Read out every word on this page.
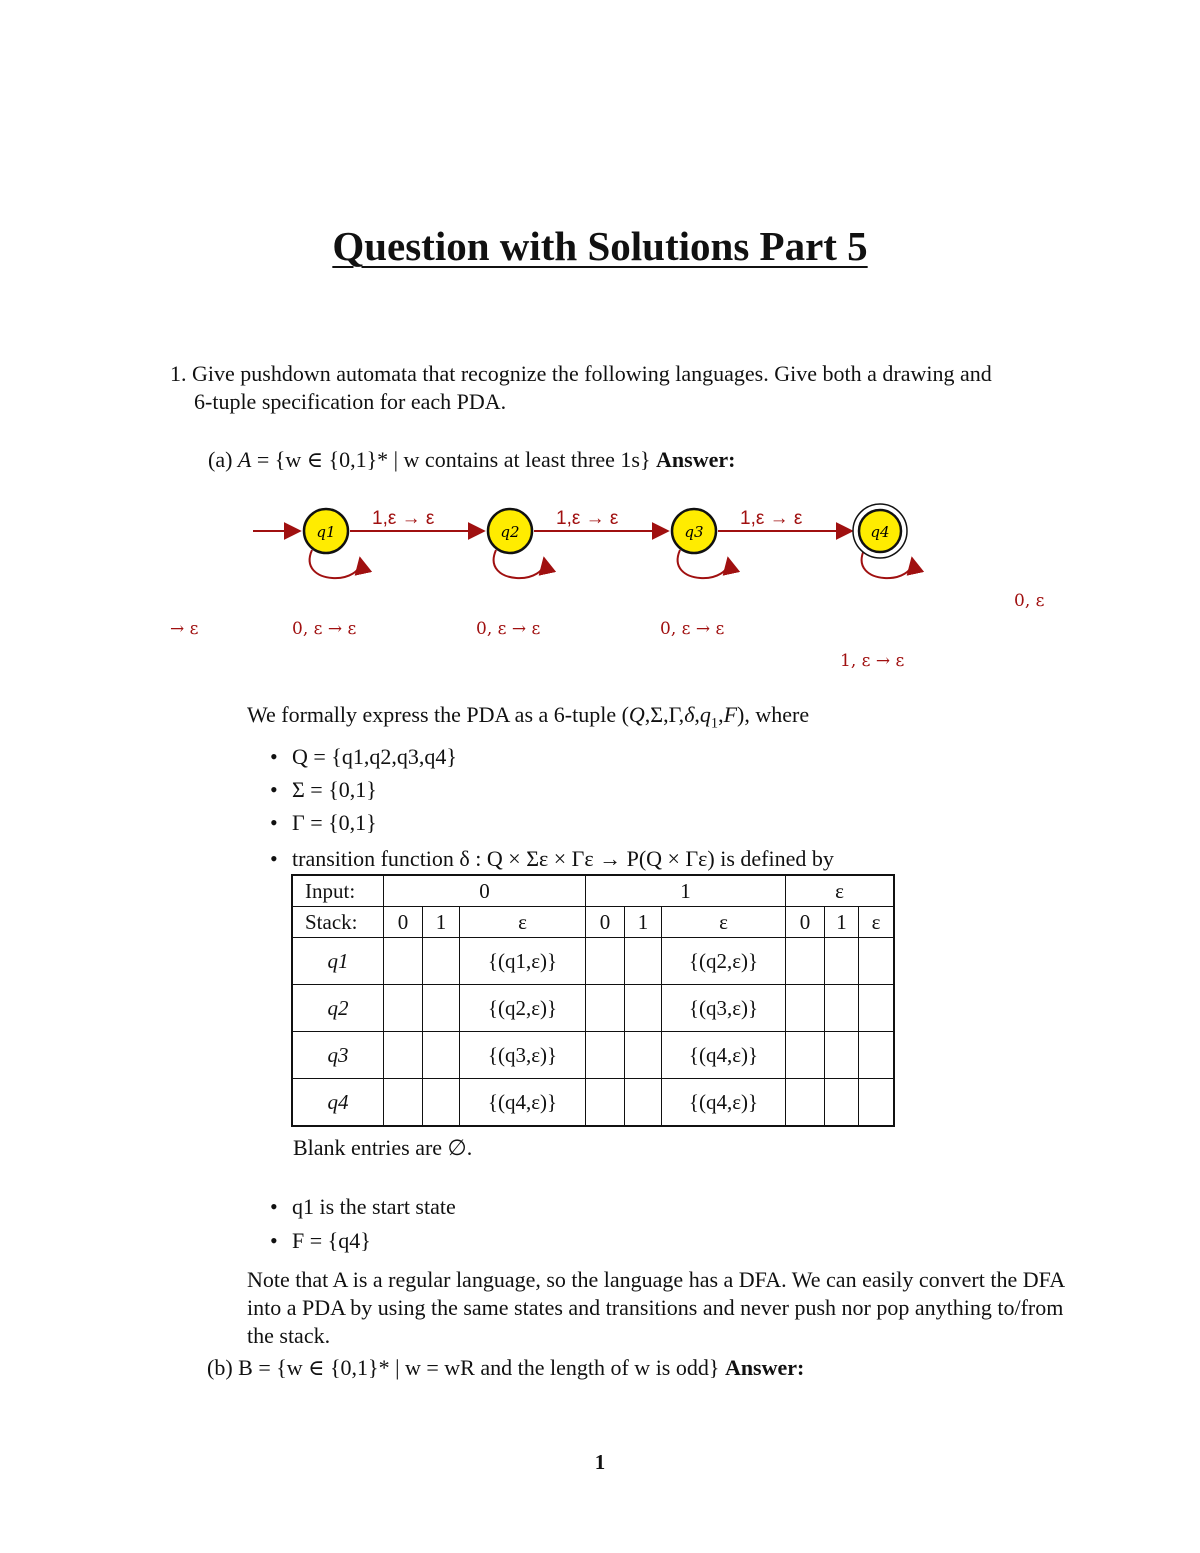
Question with Solutions Part 5
1. Give pushdown automata that recognize the following languages. Give both a drawing and
6-tuple specification for each PDA.
(a) A = {w ∈ {0,1}* | w contains at least three 1s} Answer:
q1	q2	q3	q4
1,ε → ε	1,ε → ε	1,ε → ε
→ ε	0, ε → ε	0, ε → ε	0, ε → ε
0, ε
1, ε → ε
We formally express the PDA as a 6-tuple $(Q,\Sigma,\Gamma,\delta,q_1,F)$, where
• Q = {q1,q2,q3,q4}
• Σ = {0,1}
• Γ = {0,1}
• transition function δ : Q × Σε × Γε → P(Q × Γε) is defined by
Input:	0			1			ε		
Stack:	0	1	ε	0	1	ε	0	1	ε
q1			{(q1,ε)}			{(q2,ε)}			
q2			{(q2,ε)}			{(q3,ε)}			
q3			{(q3,ε)}			{(q4,ε)}			
q4			{(q4,ε)}			{(q4,ε)}			
Blank entries are ∅.
• q1 is the start state
• F = {q4}
Note that A is a regular language, so the language has a DFA. We can easily convert the DFA into a PDA by using the same states and transitions and never push nor pop anything to/from the stack.
(b) B = {w ∈ {0,1}* | w = wR and the length of w is odd} Answer:
1
